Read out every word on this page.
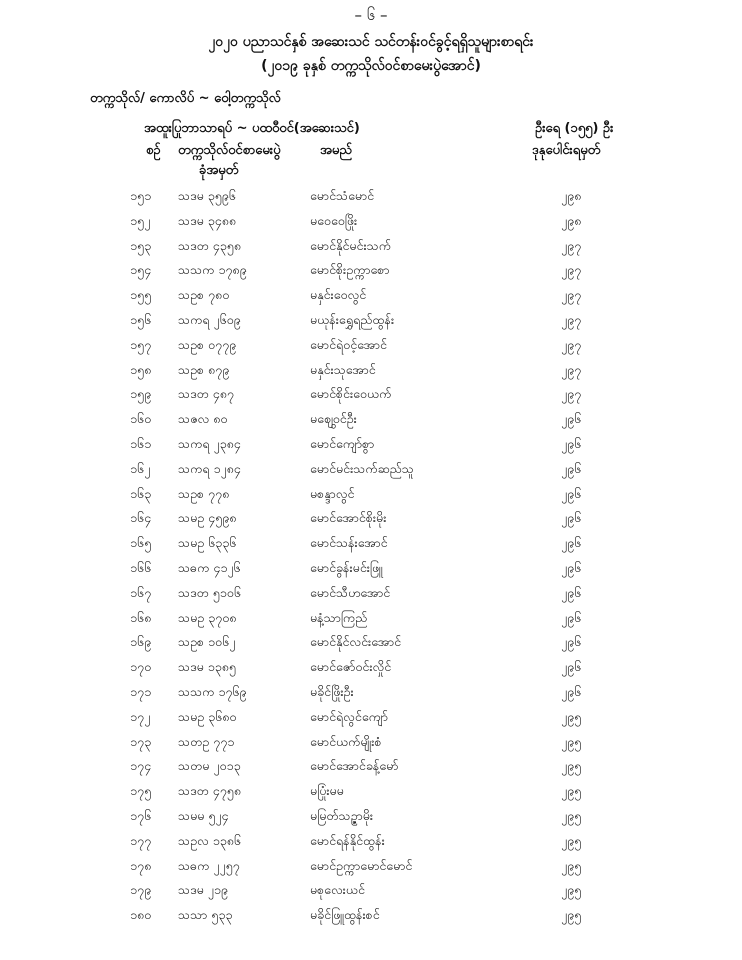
– ၆ –
၂၀၂၀ ပညာသင်နှစ် အဆေးသင် သင်တန်းဝင်ခွင့်ရရှိသူများစာရင်း
(၂၀၁၉ ခုနှစ် တက္ကသိုလ်ဝင်စာမေးပွဲအောင်)
တက္ကသိုလ်/ ကောလိပ် ~ ဝေါ့တက္ကသိုလ်
အထူးပြုဘာသာရပ် ~ ပထဝီဝင်(အဆေးသင်)	ဦးရေ (၁၅၅) ဦး
စဉ် တက္ကသိုလ်ဝင်စာမေးပွဲ
ခုံအမှတ်
အမည်	ဒုနုပေါင်းရမှတ်
၁၅၁ သဒမ ၃၅၉၆	မောင်သံမောင်	၂၉၈
၁၅၂ သဒမ ၃၄၈၈	မဝေဝေဖြိုး	၂၉၈
၁၅၃ သဒတ ၄၃၅၈	မောင်နိုင်မင်းသက်	၂၉၇
၁၅၄ သသက ၁၇၈၉	မောင်စိုးဥက္ကာစော	၂၉၇
၁၅၅ သဥစ ၇၈၀	မနှင်းဝေလွင်	၂၉၇
၁၅၆ သကရ ၂၆၀၉	မယုန်းရွှေရည်ထွန်း	၂၉၇
၁၅၇ သဥစ ၀၇၇၉	မောင်ရဲဝင့်အောင်	၂၉၇
၁၅၈ သဥစ ၈၇၉	မနှင်းသုအောင်	၂၉၇
၁၅၉ သဒတ ၄၈၇	မောင်စိုင်းဝေယက်	၂၉၇
၁၆၀ သဇလ ၈၀	မဈွေဝင်ဦး	၂၉၆
၁၆၁ သကရ ၂၃၈၄	မောင်ကျော်စွာ	၂၉၆
၁၆၂ သကရ ၁၂၈၄	မောင်မင်းသက်ဆည်သူ	၂၉၆
၁၆၃ သဥစ ၇၇၈	မစန္ဒာလွင်	၂၉၆
၁၆၄ သမဥ ၄၅၉၈	မောင်အောင်စိုးမိုး	၂၉၆
၁၆၅ သမဥ ၆၃၃၆	မောင်သန်းအောင်	၂၉၆
၁၆၆ သဓက ၄၁၂၆	မောင်ခွန်းမင်းဖြူ	၂၉၆
၁၆၇ သဒတ ၅၁၀၆	မောင်သီဟအောင်	၂၉၆
၁၆၈ သမဥ ၃၇၀၈	မနံ့သာကြည်	၂၉၆
၁၆၉ သဥစ ၁၀၆၂	မောင်နိုင်လင်းအောင်	၂၉၆
၁၇၀ သဒမ ၁၃၈၅	မောင်ဇော်ဝင်းလှိုင်	၂၉၆
၁၇၁ သသက ၁၇၆၉	မခိုင်ဖြိုးဦး	၂၉၆
၁၇၂ သမဥ ၃၆၈၀	မောင်ရဲလွင်ကျော်	၂၉၅
၁၇၃ သတဥ ၇၇၁	မောင်ယက်မျိုးစံ	၂၉၅
၁၇၄ သတမ ၂၀၁၃	မောင်အောင်ခန့်မော်	၂၉၅
၁၇၅ သဒတ ၄၇၅၈	မပြုံးမမ	၂၉၅
၁၇၆ သမမ ၅၂၄	မမြတ်သဥ္ဇာမိုး	၂၉၅
၁၇၇ သဥလ ၁၃၈၆	မောင်ရန်နိုင်ထွန်း	၂၉၅
၁၇၈ သဓက ၂၂၅၇	မောင်ဥက္ကာမောင်မောင်	၂၉၅
၁၇၉ သဒမ ၂၁၉	မစုလေးယင်	၂၉၅
၁၈၀ သသာ ၅၃၃	မခိုင်ဖြူထွန်းစင်	၂၉၅
